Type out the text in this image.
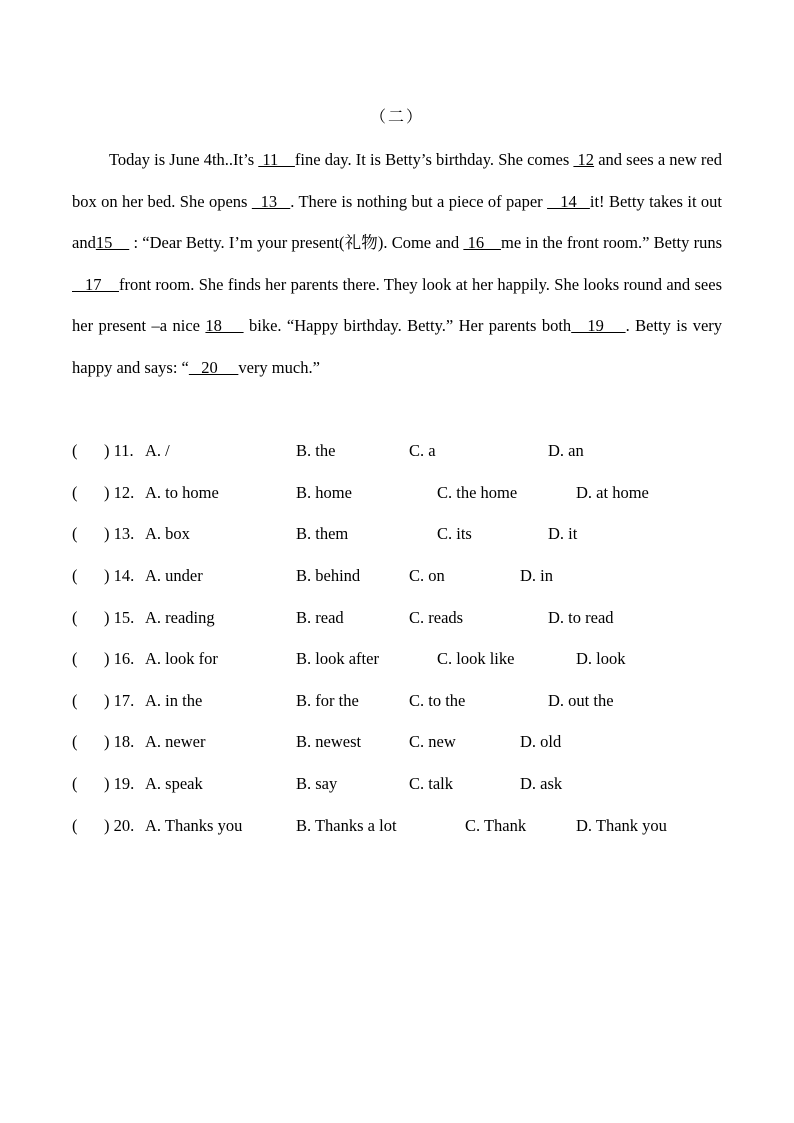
（二）

Today is June 4th..It’s  11    fine day. It is Betty’s birthday. She comes  12 and sees a new red box on her bed. She opens   13   . There is nothing but a piece of paper    14   it! Betty takes it out and15     : “Dear Betty. I’m your present(礼物). Come and  16    me in the front room.” Betty runs   17    front room. She finds her parents there. They look at her happily. She looks round and sees her present –a nice 18     bike. “Happy birthday. Betty.” Her parents both   19    . Betty is very happy and says: “   20     very much.”

( ) 11. A. /	B. the	C. a	D. an
( ) 12. A. to home	B. home	C. the home	D. at home
( ) 13. A. box	B. them	C. its	D. it
( ) 14. A. under	B. behind	C. on	D. in
( ) 15. A. reading	B. read	C. reads	D. to read
( ) 16. A. look for	B. look after	C. look like	D. look
( ) 17. A. in the	B. for the	C. to the	D. out the
( ) 18. A. newer	B. newest	C. new	D. old
( ) 19. A. speak	B. say	C. talk	D. ask
( ) 20. A. Thanks you	B. Thanks a lot	C. Thank	D. Thank you
